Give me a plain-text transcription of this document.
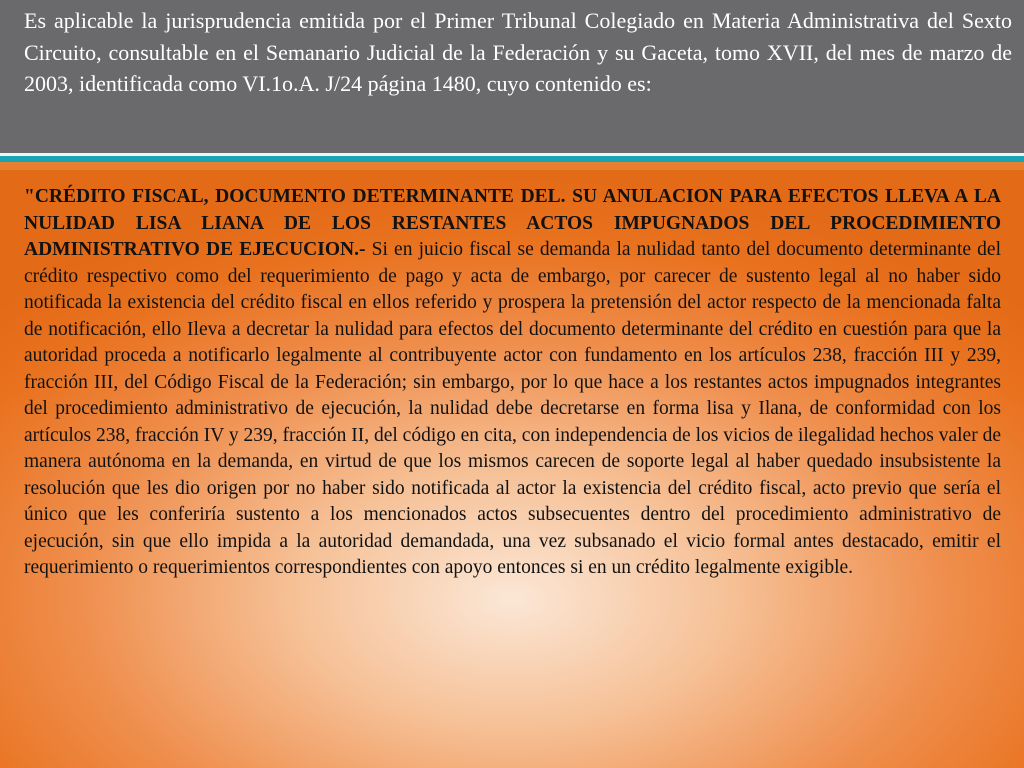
Es aplicable la jurisprudencia emitida por el Primer Tribunal Colegiado en Materia Administrativa del Sexto Circuito, consultable en el Semanario Judicial de la Federación y su Gaceta, tomo XVII, del mes de marzo de 2003, identificada como VI.1o.A. J/24 página 1480, cuyo contenido es:

"CRÉDITO FISCAL, DOCUMENTO DETERMINANTE DEL. SU ANULACION PARA EFECTOS LLEVA A LA NULIDAD LISA LIANA DE LOS RESTANTES ACTOS IMPUGNADOS DEL PROCEDIMIENTO ADMINISTRATIVO DE EJECUCION.- Si en juicio fiscal se demanda la nulidad tanto del documento determinante del crédito respectivo como del requerimiento de pago y acta de embargo, por carecer de sustento legal al no haber sido notificada la existencia del crédito fiscal en ellos referido y prospera la pretensión del actor respecto de la mencionada falta de notificación, ello Ileva a decretar la nulidad para efectos del documento determinante del crédito en cuestión para que la autoridad proceda a notificarlo legalmente al contribuyente actor con fundamento en los artículos 238, fracción III y 239, fracción III, del Código Fiscal de la Federación; sin embargo, por lo que hace a los restantes actos impugnados integrantes del procedimiento administrativo de ejecución, la nulidad debe decretarse en forma lisa y Ilana, de conformidad con los artículos 238, fracción IV y 239, fracción II, del código en cita, con independencia de los vicios de ilegalidad hechos valer de manera autónoma en la demanda, en virtud de que los mismos carecen de soporte legal al haber quedado insubsistente la resolución que les dio origen por no haber sido notificada al actor la existencia del crédito fiscal, acto previo que sería el único que les conferiría sustento a los mencionados actos subsecuentes dentro del procedimiento administrativo de ejecución, sin que ello impida a la autoridad demandada, una vez subsanado el vicio formal antes destacado, emitir el requerimiento o requerimientos correspondientes con apoyo entonces si en un crédito legalmente exigible.
